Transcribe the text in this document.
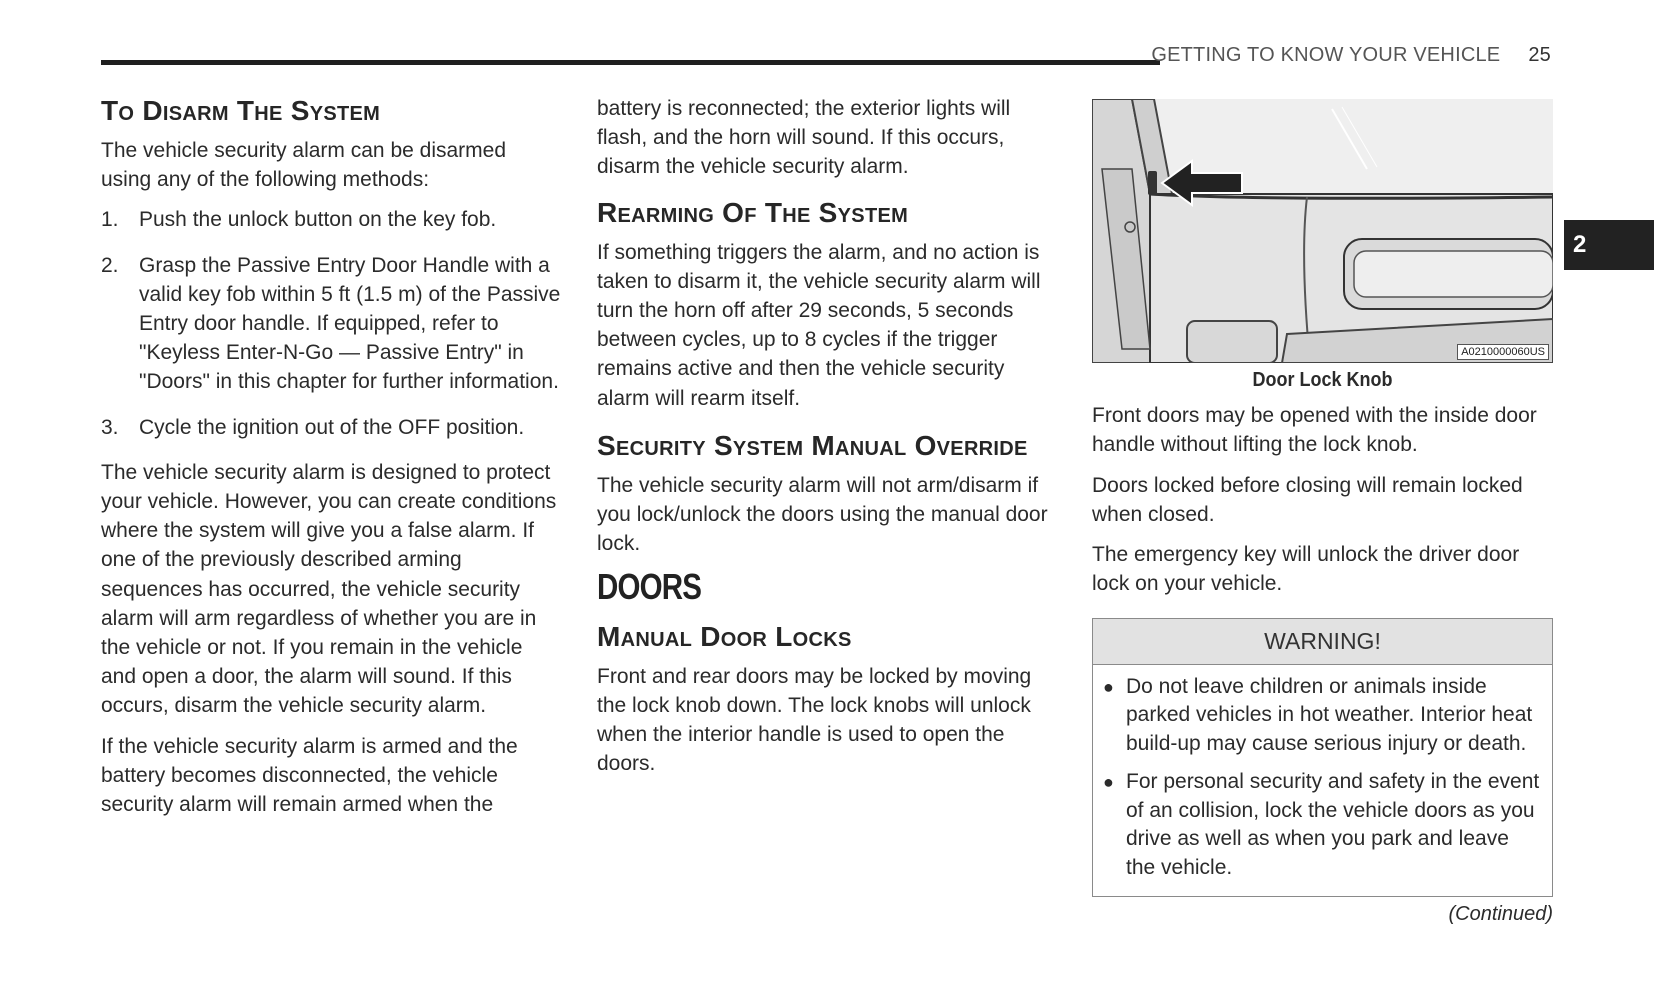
GETTING TO KNOW YOUR VEHICLE 25
2
To Disarm The System

The vehicle security alarm can be disarmed using any of the following methods:

1. Push the unlock button on the key fob.
2. Grasp the Passive Entry Door Handle with a valid key fob within 5 ft (1.5 m) of the Passive Entry door handle. If equipped, refer to "Keyless Enter-N-Go — Passive Entry" in "Doors" in this chapter for further information.
3. Cycle the ignition out of the OFF position.

The vehicle security alarm is designed to protect your vehicle. However, you can create conditions where the system will give you a false alarm. If one of the previously described arming sequences has occurred, the vehicle security alarm will arm regardless of whether you are in the vehicle or not. If you remain in the vehicle and open a door, the alarm will sound. If this occurs, disarm the vehicle security alarm.

If the vehicle security alarm is armed and the battery becomes disconnected, the vehicle security alarm will remain armed when the

battery is reconnected; the exterior lights will flash, and the horn will sound. If this occurs, disarm the vehicle security alarm.

Rearming Of The System

If something triggers the alarm, and no action is taken to disarm it, the vehicle security alarm will turn the horn off after 29 seconds, 5 seconds between cycles, up to 8 cycles if the trigger remains active and then the vehicle security alarm will rearm itself.

Security System Manual Override

The vehicle security alarm will not arm/disarm if you lock/unlock the doors using the manual door lock.

DOORS
Manual Door Locks

Front and rear doors may be locked by moving the lock knob down. The lock knobs will unlock when the interior handle is used to open the doors.

A0210000060US
Door Lock Knob

Front doors may be opened with the inside door handle without lifting the lock knob.

Doors locked before closing will remain locked when closed.

The emergency key will unlock the driver door lock on your vehicle.

WARNING!
● Do not leave children or animals inside parked vehicles in hot weather. Interior heat build-up may cause serious injury or death.
● For personal security and safety in the event of an collision, lock the vehicle doors as you drive as well as when you park and leave the vehicle.
(Continued)
